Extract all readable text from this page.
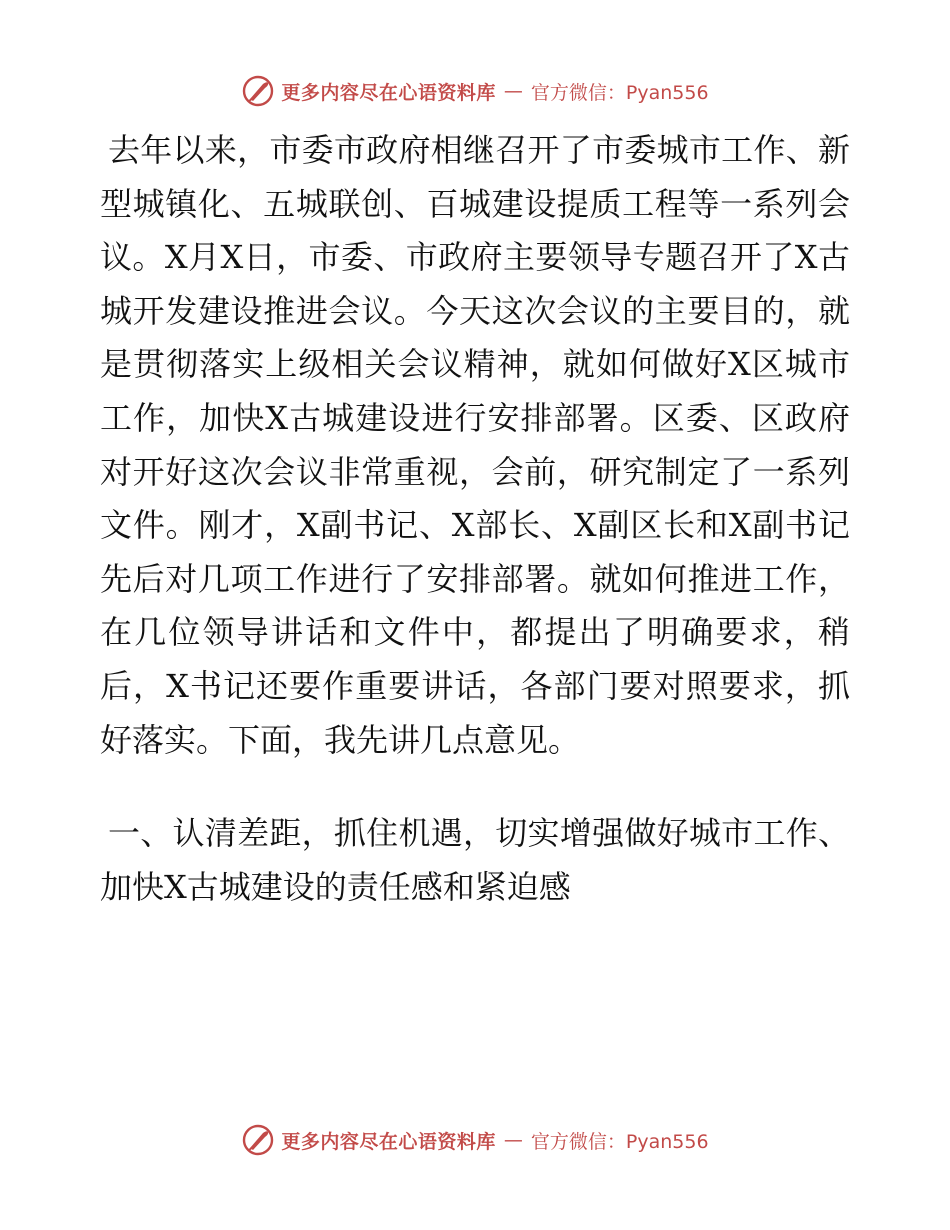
更多内容尽在心语资料库 — 官方微信：Pyan556

去年以来，市委市政府相继召开了市委城市工作、新型城镇化、五城联创、百城建设提质工程等一系列会议。X月X日，市委、市政府主要领导专题召开了X古城开发建设推进会议。今天这次会议的主要目的，就是贯彻落实上级相关会议精神，就如何做好X区城市工作，加快X古城建设进行安排部署。区委、区政府对开好这次会议非常重视，会前，研究制定了一系列文件。刚才，X副书记、X部长、X副区长和X副书记先后对几项工作进行了安排部署。就如何推进工作，在几位领导讲话和文件中，都提出了明确要求，稍后，X书记还要作重要讲话，各部门要对照要求，抓好落实。下面，我先讲几点意见。

一、认清差距，抓住机遇，切实增强做好城市工作、加快X古城建设的责任感和紧迫感

更多内容尽在心语资料库 — 官方微信：Pyan556
